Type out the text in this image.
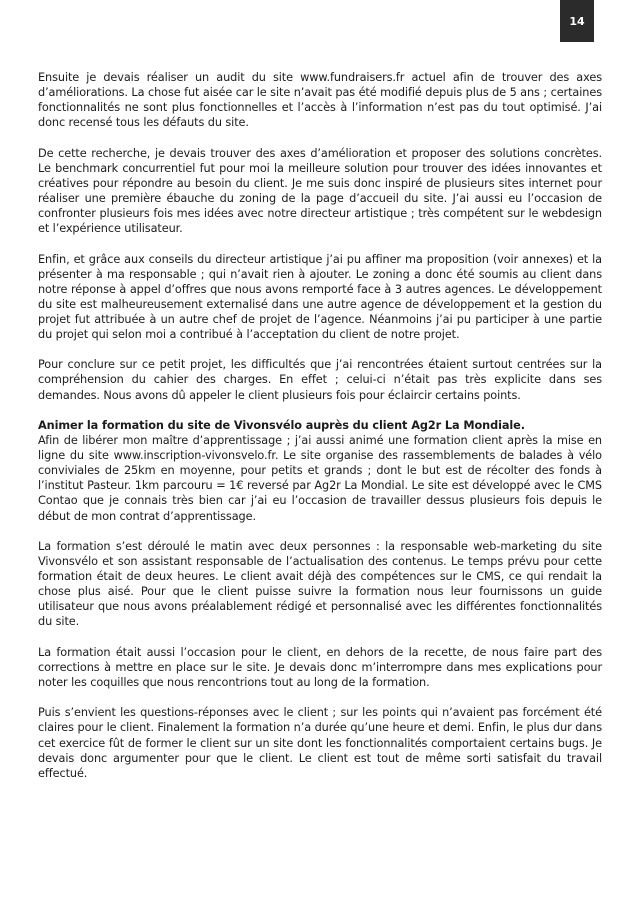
14

Ensuite je devais réaliser un audit du site www.fundraisers.fr actuel afin de trouver des axes d’améliorations. La chose fut aisée car le site n’avait pas été modifié depuis plus de 5 ans ; certaines fonctionnalités ne sont plus fonctionnelles et l’accès à l’information n’est pas du tout optimisé. J’ai donc recensé tous les défauts du site.

De cette recherche, je devais trouver des axes d’amélioration et proposer des solutions concrètes. Le benchmark concurrentiel fut pour moi la meilleure solution pour trouver des idées innovantes et créatives pour répondre au besoin du client. Je me suis donc inspiré de plusieurs sites internet pour réaliser une première ébauche du zoning de la page d’accueil du site. J’ai aussi eu l’occasion de confronter plusieurs fois mes idées avec notre directeur artistique ; très compétent sur le webdesign et l’expérience utilisateur.

Enfin, et grâce aux conseils du directeur artistique j’ai pu affiner ma proposition (voir annexes) et la présenter à ma responsable ; qui n’avait rien à ajouter. Le zoning a donc été soumis au client dans notre réponse à appel d’offres que nous avons remporté face à 3 autres agences. Le développement du site est malheureusement externalisé dans une autre agence de développement et la gestion du projet fut attribuée à un autre chef de projet de l’agence. Néanmoins j’ai pu participer à une partie du projet qui selon moi a contribué à l’acceptation du client de notre projet.

Pour conclure sur ce petit projet, les difficultés que j’ai rencontrées étaient surtout centrées sur la compréhension du cahier des charges. En effet ; celui-ci n’était pas très explicite dans ses demandes. Nous avons dû appeler le client plusieurs fois pour éclaircir certains points.

Animer la formation du site de Vivonsvélo auprès du client Ag2r La Mondiale.
Afin de libérer mon maître d’apprentissage ; j’ai aussi animé une formation client après la mise en ligne du site www.inscription-vivonsvelo.fr. Le site organise des rassemblements de balades à vélo conviviales de 25km en moyenne, pour petits et grands ; dont le but est de récolter des fonds à l’institut Pasteur. 1km parcouru = 1€ reversé par Ag2r La Mondial. Le site est développé avec le CMS Contao que je connais très bien car j’ai eu l’occasion de travailler dessus plusieurs fois depuis le début de mon contrat d’apprentissage.

La formation s’est déroulé le matin avec deux personnes : la responsable web-marketing du site Vivonsvélo et son assistant responsable de l’actualisation des contenus. Le temps prévu pour cette formation était de deux heures. Le client avait déjà des compétences sur le CMS, ce qui rendait la chose plus aisé. Pour que le client puisse suivre la formation nous leur fournissons un guide utilisateur que nous avons préalablement rédigé et personnalisé avec les différentes fonctionnalités du site.

La formation était aussi l’occasion pour le client, en dehors de la recette, de nous faire part des corrections à mettre en place sur le site. Je devais donc m’interrompre dans mes explications pour noter les coquilles que nous rencontrions tout au long de la formation.

Puis s’envient les questions-réponses avec le client ; sur les points qui n’avaient pas forcément été claires pour le client. Finalement la formation n’a durée qu’une heure et demi. Enfin, le plus dur dans cet exercice fût de former le client sur un site dont les fonctionnalités comportaient certains bugs. Je devais donc argumenter pour que le client. Le client est tout de même sorti satisfait du travail effectué.
